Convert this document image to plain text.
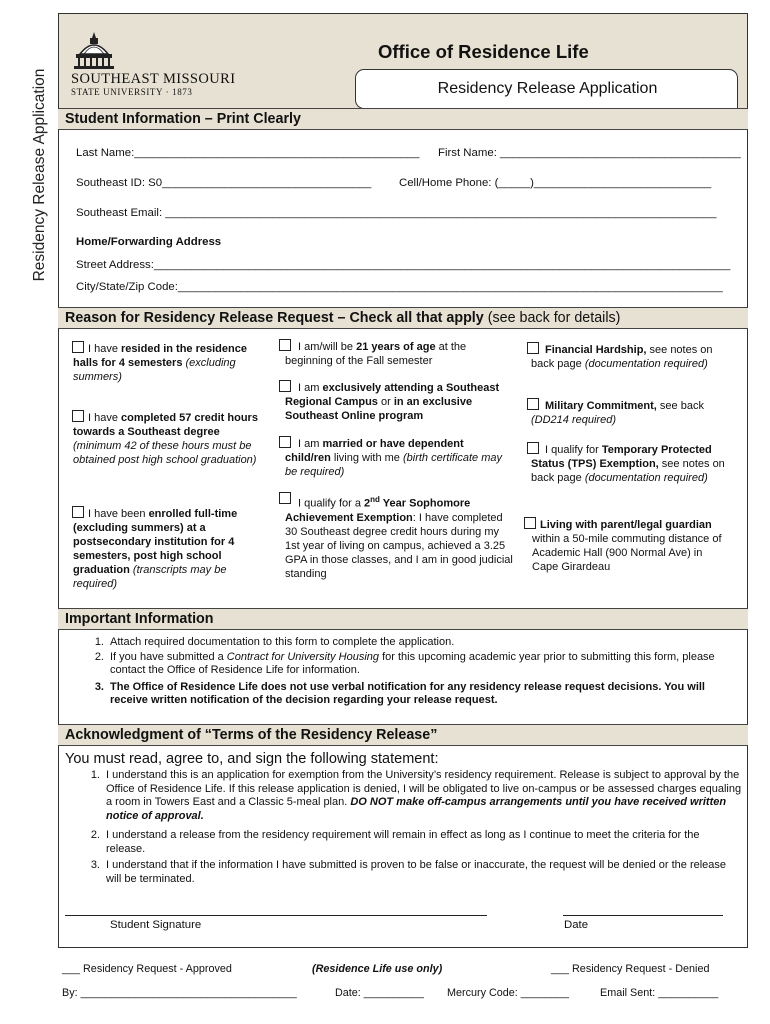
Residency Release Application SOUTHEAST MISSOURI
STATE UNIVERSITY · 1873
Office of Residence Life
Residency Release Application
Student Information – Print Clearly
Last Name:_____________________________________________ First Name: ______________________________________
Southeast ID: S0_________________________________ Cell/Home Phone: (_____)____________________________
Southeast Email: _______________________________________________________________________________________
Home/Forwarding Address
Street Address:___________________________________________________________________________________________
City/State/Zip Code:______________________________________________________________________________________
Reason for Residency Release Request – Check all that apply (see back for details)
I have resided in the residence halls for 4 semesters (excluding summers)
I have completed 57 credit hours towards a Southeast degree (minimum 42 of these hours must be obtained post high school graduation)
I have been enrolled full-time (excluding summers) at a postsecondary institution for 4 semesters, post high school graduation (transcripts may be required)
I am/will be 21 years of age at the beginning of the Fall semester
I am exclusively attending a Southeast Regional Campus or in an exclusive Southeast Online program
I am married or have dependent child/ren living with me (birth certificate may be required)
I qualify for a 2nd Year Sophomore Achievement Exemption: I have completed 30 Southeast degree credit hours during my 1st year of living on campus, achieved a 3.25 GPA in those classes, and I am in good judicial standing
Financial Hardship, see notes on back page (documentation required)
Military Commitment, see back (DD214 required)
I qualify for Temporary Protected Status (TPS) Exemption, see notes on back page (documentation required)
Living with parent/legal guardian within a 50-mile commuting distance of Academic Hall (900 Normal Ave) in Cape Girardeau
Important Information
1. Attach required documentation to this form to complete the application.
2. If you have submitted a Contract for University Housing for this upcoming academic year prior to submitting this form, please contact the Office of Residence Life for information.
3. The Office of Residence Life does not use verbal notification for any residency release request decisions. You will receive written notification of the decision regarding your release request.
Acknowledgment of “Terms of the Residency Release”
You must read, agree to, and sign the following statement:
1. I understand this is an application for exemption from the University’s residency requirement. Release is subject to approval by the Office of Residence Life. If this release application is denied, I will be obligated to live on-campus or be assessed charges equaling a room in Towers East and a Classic 5-meal plan. DO NOT make off-campus arrangements until you have received written notice of approval.
2. I understand a release from the residency requirement will remain in effect as long as I continue to meet the criteria for the release.
3. I understand that if the information I have submitted is proven to be false or inaccurate, the request will be denied or the release will be terminated.
Student Signature	Date
___ Residency Request - Approved	(Residence Life use only)	___ Residency Request - Denied
By: ____________________________________	Date: __________ Mercury Code: ________	Email Sent: __________
